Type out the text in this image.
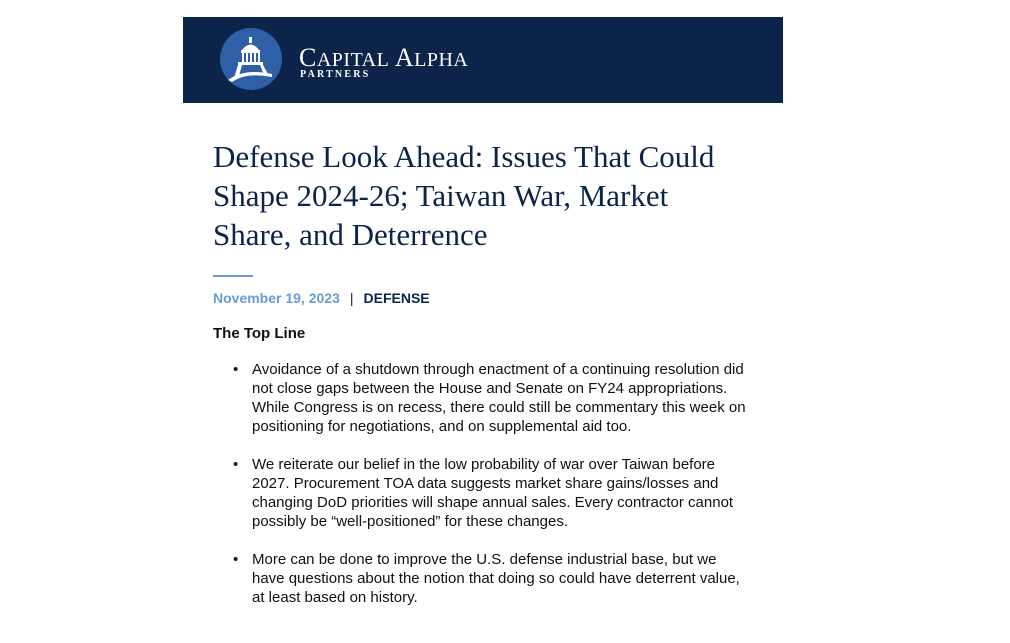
CAPITAL ALPHA
PARTNERS
Defense Look Ahead: Issues That Could Shape 2024-26; Taiwan War, Market Share, and Deterrence
November 19, 2023 | DEFENSE
The Top Line
• Avoidance of a shutdown through enactment of a continuing resolution did not close gaps between the House and Senate on FY24 appropriations. While Congress is on recess, there could still be commentary this week on positioning for negotiations, and on supplemental aid too.
• We reiterate our belief in the low probability of war over Taiwan before 2027. Procurement TOA data suggests market share gains/losses and changing DoD priorities will shape annual sales. Every contractor cannot possibly be “well-positioned” for these changes.
• More can be done to improve the U.S. defense industrial base, but we have questions about the notion that doing so could have deterrent value, at least based on history.
